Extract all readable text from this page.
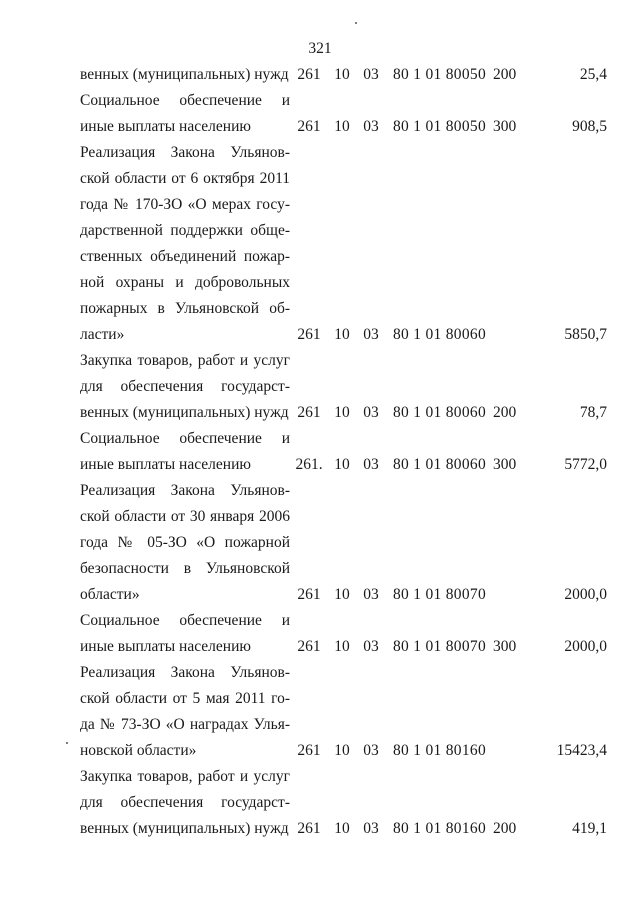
321
венных (муниципальных) нужд	261	10	03	80 1 01 80050	200	25,4
Социальное обеспечение и						
иные выплаты населению	261	10	03	80 1 01 80050	300	908,5
Реализация Закона Ульянов-						
ской области от 6 октября 2011						
года № 170-ЗО «О мерах госу-						
дарственной поддержки обще-						
ственных объединений пожар-						
ной охраны и добровольных						
пожарных в Ульяновской об-						
ласти»	261	10	03	80 1 01 80060		5850,7
Закупка товаров, работ и услуг						
для обеспечения государст-						
венных (муниципальных) нужд	261	10	03	80 1 01 80060	200	78,7
Социальное обеспечение и						
иные выплаты населению	261.	10	03	80 1 01 80060	300	5772,0
Реализация Закона Ульянов-						
ской области от 30 января 2006						
года № 05-ЗО «О пожарной						
безопасности в Ульяновской						
области»	261	10	03	80 1 01 80070		2000,0
Социальное обеспечение и						
иные выплаты населению	261	10	03	80 1 01 80070	300	2000,0
Реализация Закона Ульянов-						
ской области от 5 мая 2011 го-						
да № 73-ЗО «О наградах Улья-						
новской области»	261	10	03	80 1 01 80160		15423,4
Закупка товаров, работ и услуг						
для обеспечения государст-						
венных (муниципальных) нужд	261	10	03	80 1 01 80160	200	419,1
